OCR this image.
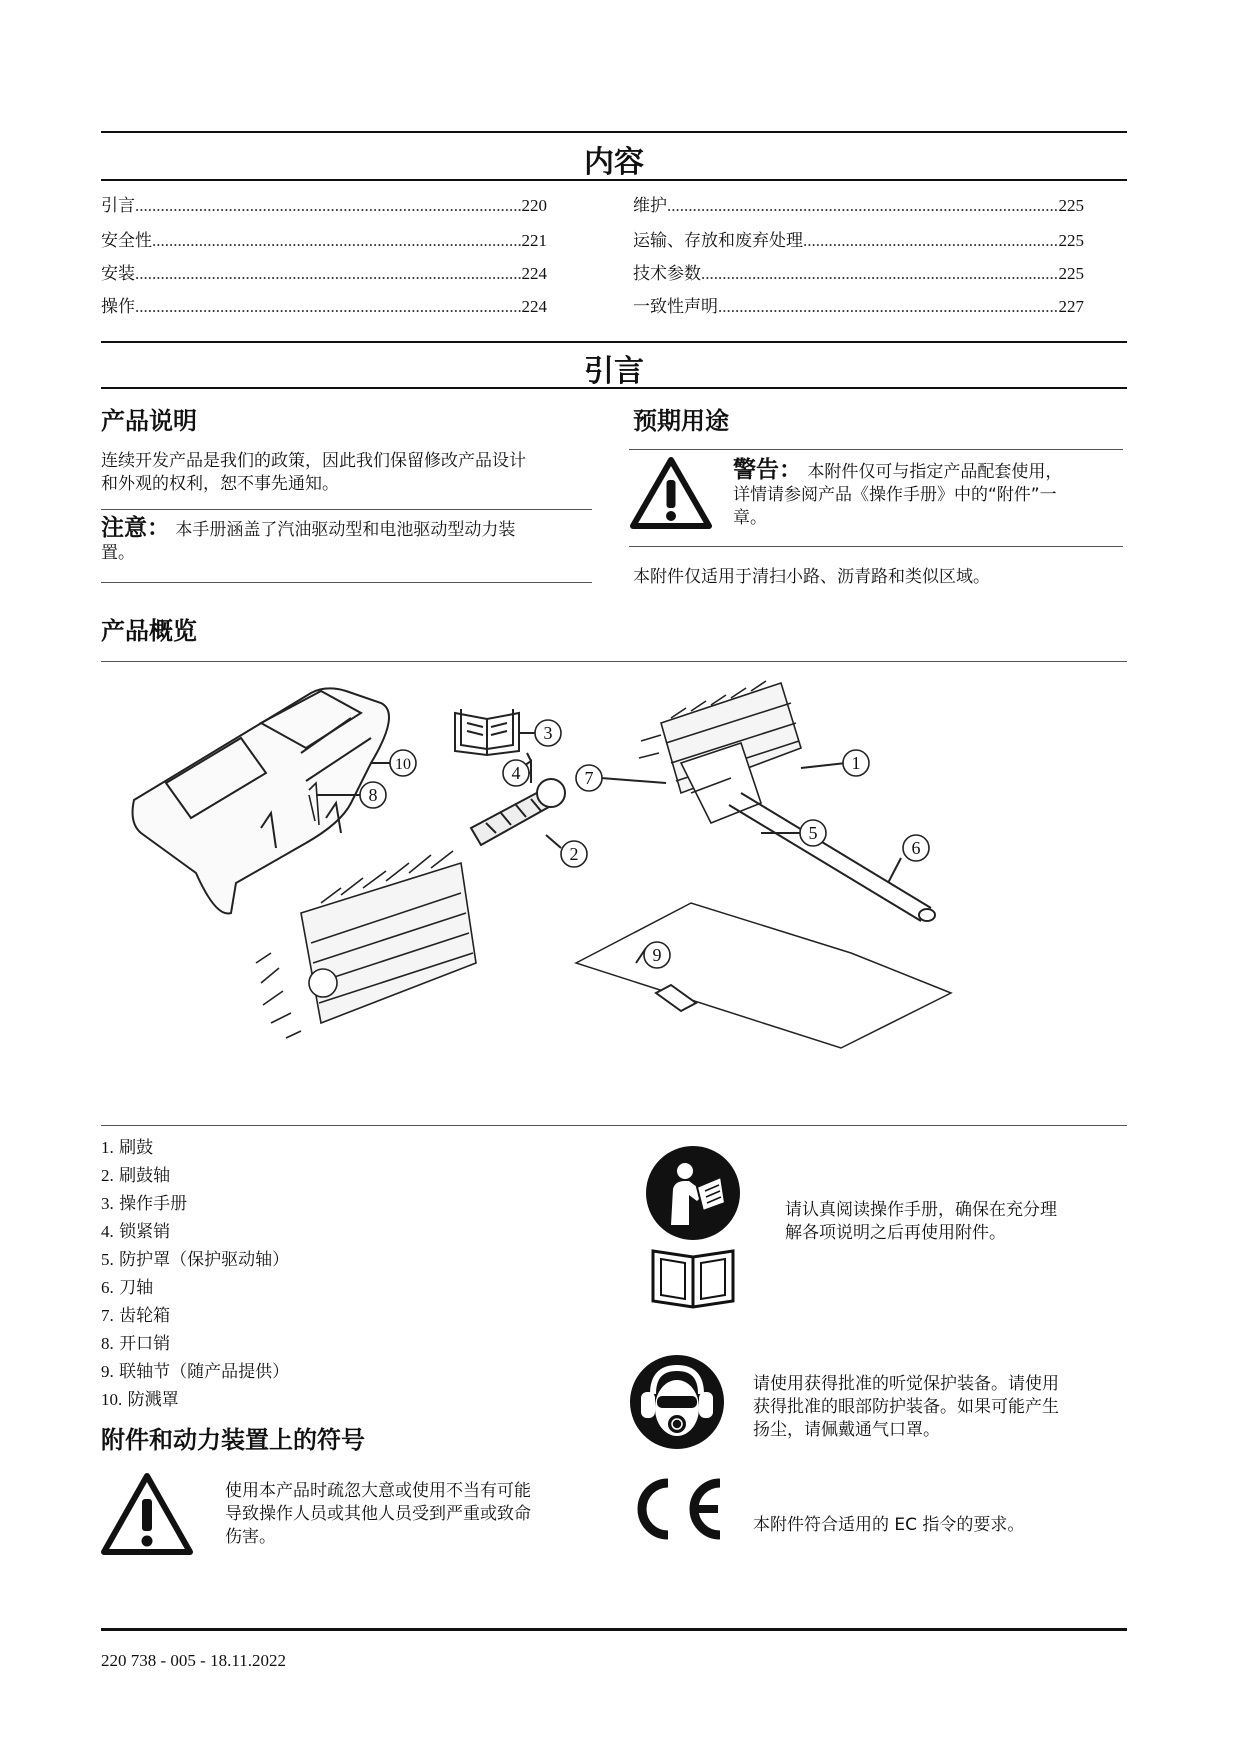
内容
引言 .....	220
安全性 .....	221
安装 .....	224
操作 .....	224
维护 .....	225
运输、存放和废弃处理 .....	225
技术参数 .....	225
一致性声明 .....	227
引言
产品说明
连续开发产品是我们的政策，因此我们保留修改产品设计
和外观的权利，恕不事先通知。
注意： 本手册涵盖了汽油驱动型和电池驱动型动力装
置。
预期用途
警告： 本附件仅可与指定产品配套使用，
详情请参阅产品《操作手册》中的“附件”一
章。
本附件仅适用于清扫小路、沥青路和类似区域。
产品概览
1
2
3
4
5
6
7
8
9
10
1. 刷鼓
2. 刷鼓轴
3. 操作手册
4. 锁紧销
5. 防护罩（保护驱动轴）
6. 刀轴
7. 齿轮箱
8. 开口销
9. 联轴节（随产品提供）
10. 防溅罩
附件和动力装置上的符号
使用本产品时疏忽大意或使用不当有可能
导致操作人员或其他人员受到严重或致命
伤害。
请认真阅读操作手册，确保在充分理
解各项说明之后再使用附件。
请使用获得批准的听觉保护装备。请使用
获得批准的眼部防护装备。如果可能产生
扬尘，请佩戴通气口罩。
本附件符合适用的 EC 指令的要求。
220 738 - 005 - 18.11.2022
